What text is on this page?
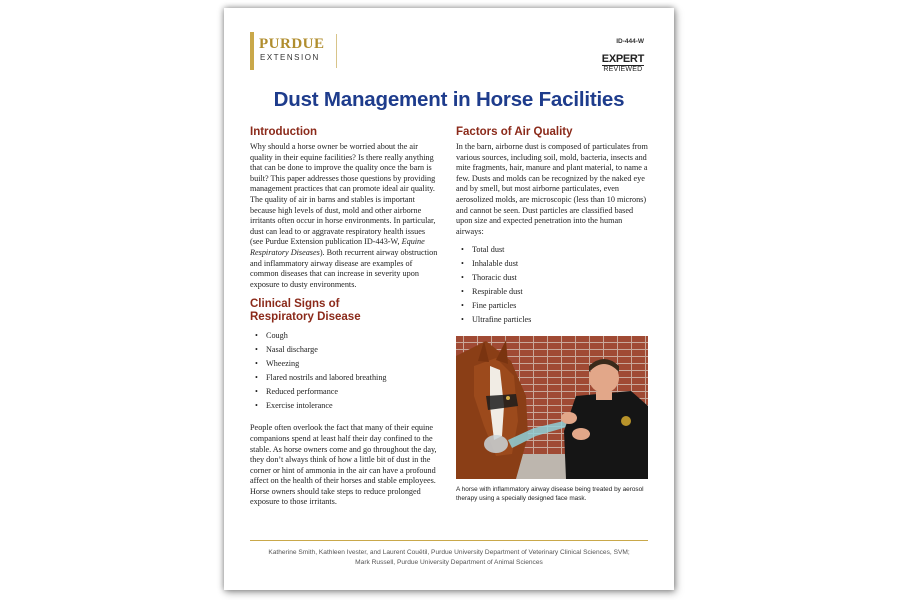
PURDUE
EXTENSION
ID-444-W
EXPERT
REVIEWED
Dust Management in Horse Facilities
Introduction
Why should a horse owner be worried about the air quality in their equine facilities? Is there really anything that can be done to improve the quality once the barn is built? This paper addresses those questions by providing management practices that can promote ideal air quality. The quality of air in barns and stables is important because high levels of dust, mold and other airborne irritants often occur in horse environments. In particular, dust can lead to or aggravate respiratory health issues (see Purdue Extension publication ID-443-W, Equine Respiratory Diseases). Both recurrent airway obstruction and inflammatory airway disease are examples of common diseases that can increase in severity upon exposure to dusty environments.
Clinical Signs of
Respiratory Disease
• Cough
• Nasal discharge
• Wheezing
• Flared nostrils and labored breathing
• Reduced performance
• Exercise intolerance
People often overlook the fact that many of their equine companions spend at least half their day confined to the stable. As horse owners come and go throughout the day, they don’t always think of how a little bit of dust in the corner or hint of ammonia in the air can have a profound affect on the health of their horses and stable employees. Horse owners should take steps to reduce prolonged exposure to those irritants.
Factors of Air Quality
In the barn, airborne dust is composed of particulates from various sources, including soil, mold, bacteria, insects and mite fragments, hair, manure and plant material, to name a few. Dusts and molds can be recognized by the naked eye and by smell, but most airborne particulates, even aerosolized molds, are microscopic (less than 10 microns) and cannot be seen. Dust particles are classified based upon size and expected penetration into the human airways:
• Total dust
• Inhalable dust
• Thoracic dust
• Respirable dust
• Fine particles
• Ultrafine particles
A horse with inflammatory airway disease being treated by aerosol therapy using a specially designed face mask.
Katherine Smith, Kathleen Ivester, and Laurent Couëtil, Purdue University Department of Veterinary Clinical Sciences, SVM;
Mark Russell, Purdue University Department of Animal Sciences
